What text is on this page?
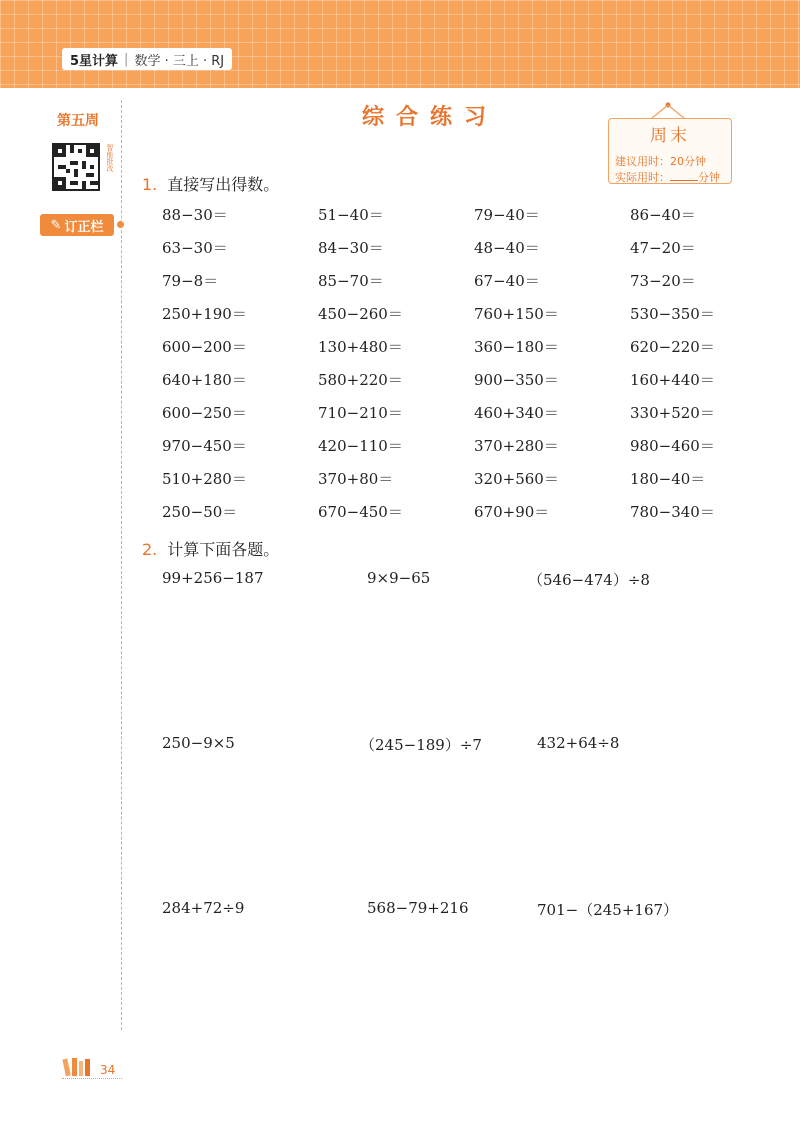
5星计算 | 数学 · 三上 · RJ
第五周
智能批改
✎ 订正栏
综合练习
周末
建议用时：20分钟
实际用时：	分钟
1. 直接写出得数。
88−30＝	51−40＝	79−40＝	86−40＝
63−30＝	84−30＝	48−40＝	47−20＝
79−8＝	85−70＝	67−40＝	73−20＝
250+190＝	450−260＝	760+150＝	530−350＝
600−200＝	130+480＝	360−180＝	620−220＝
640+180＝	580+220＝	900−350＝	160+440＝
600−250＝	710−210＝	460+340＝	330+520＝
970−450＝	420−110＝	370+280＝	980−460＝
510+280＝	370+80＝	320+560＝	180−40＝
250−50＝	670−450＝	670+90＝	780−340＝
2. 计算下面各题。
99+256−187	9×9−65	（546−474）÷8
250−9×5	（245−189）÷7	432+64÷8
284+72÷9	568−79+216	701−（245+167）
34
